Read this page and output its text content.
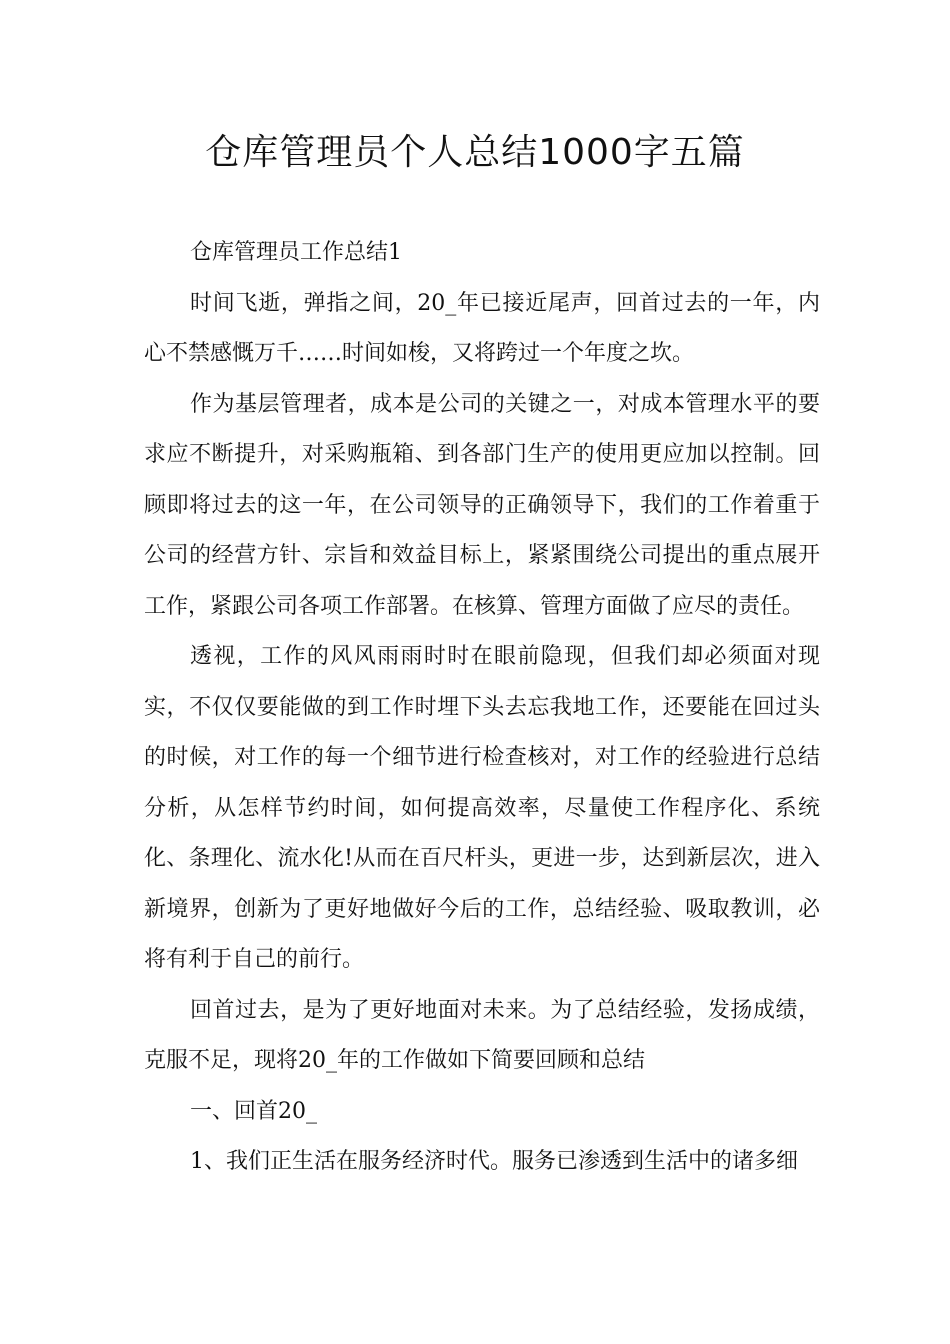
仓库管理员个人总结1000字五篇

仓库管理员工作总结1

时间飞逝，弹指之间，20_年已接近尾声，回首过去的一年，内心不禁感慨万千……时间如梭，又将跨过一个年度之坎。

作为基层管理者，成本是公司的关键之一，对成本管理水平的要求应不断提升，对采购瓶箱、到各部门生产的使用更应加以控制。回顾即将过去的这一年，在公司领导的正确领导下，我们的工作着重于公司的经营方针、宗旨和效益目标上，紧紧围绕公司提出的重点展开工作，紧跟公司各项工作部署。在核算、管理方面做了应尽的责任。

透视，工作的风风雨雨时时在眼前隐现，但我们却必须面对现实，不仅仅要能做的到工作时埋下头去忘我地工作，还要能在回过头的时候，对工作的每一个细节进行检查核对，对工作的经验进行总结分析，从怎样节约时间，如何提高效率，尽量使工作程序化、系统化、条理化、流水化!从而在百尺杆头，更进一步，达到新层次，进入新境界，创新为了更好地做好今后的工作，总结经验、吸取教训，必将有利于自己的前行。

回首过去，是为了更好地面对未来。为了总结经验，发扬成绩，克服不足，现将20_年的工作做如下简要回顾和总结

一、回首20_

1、我们正生活在服务经济时代。服务已渗透到生活中的诸多细
